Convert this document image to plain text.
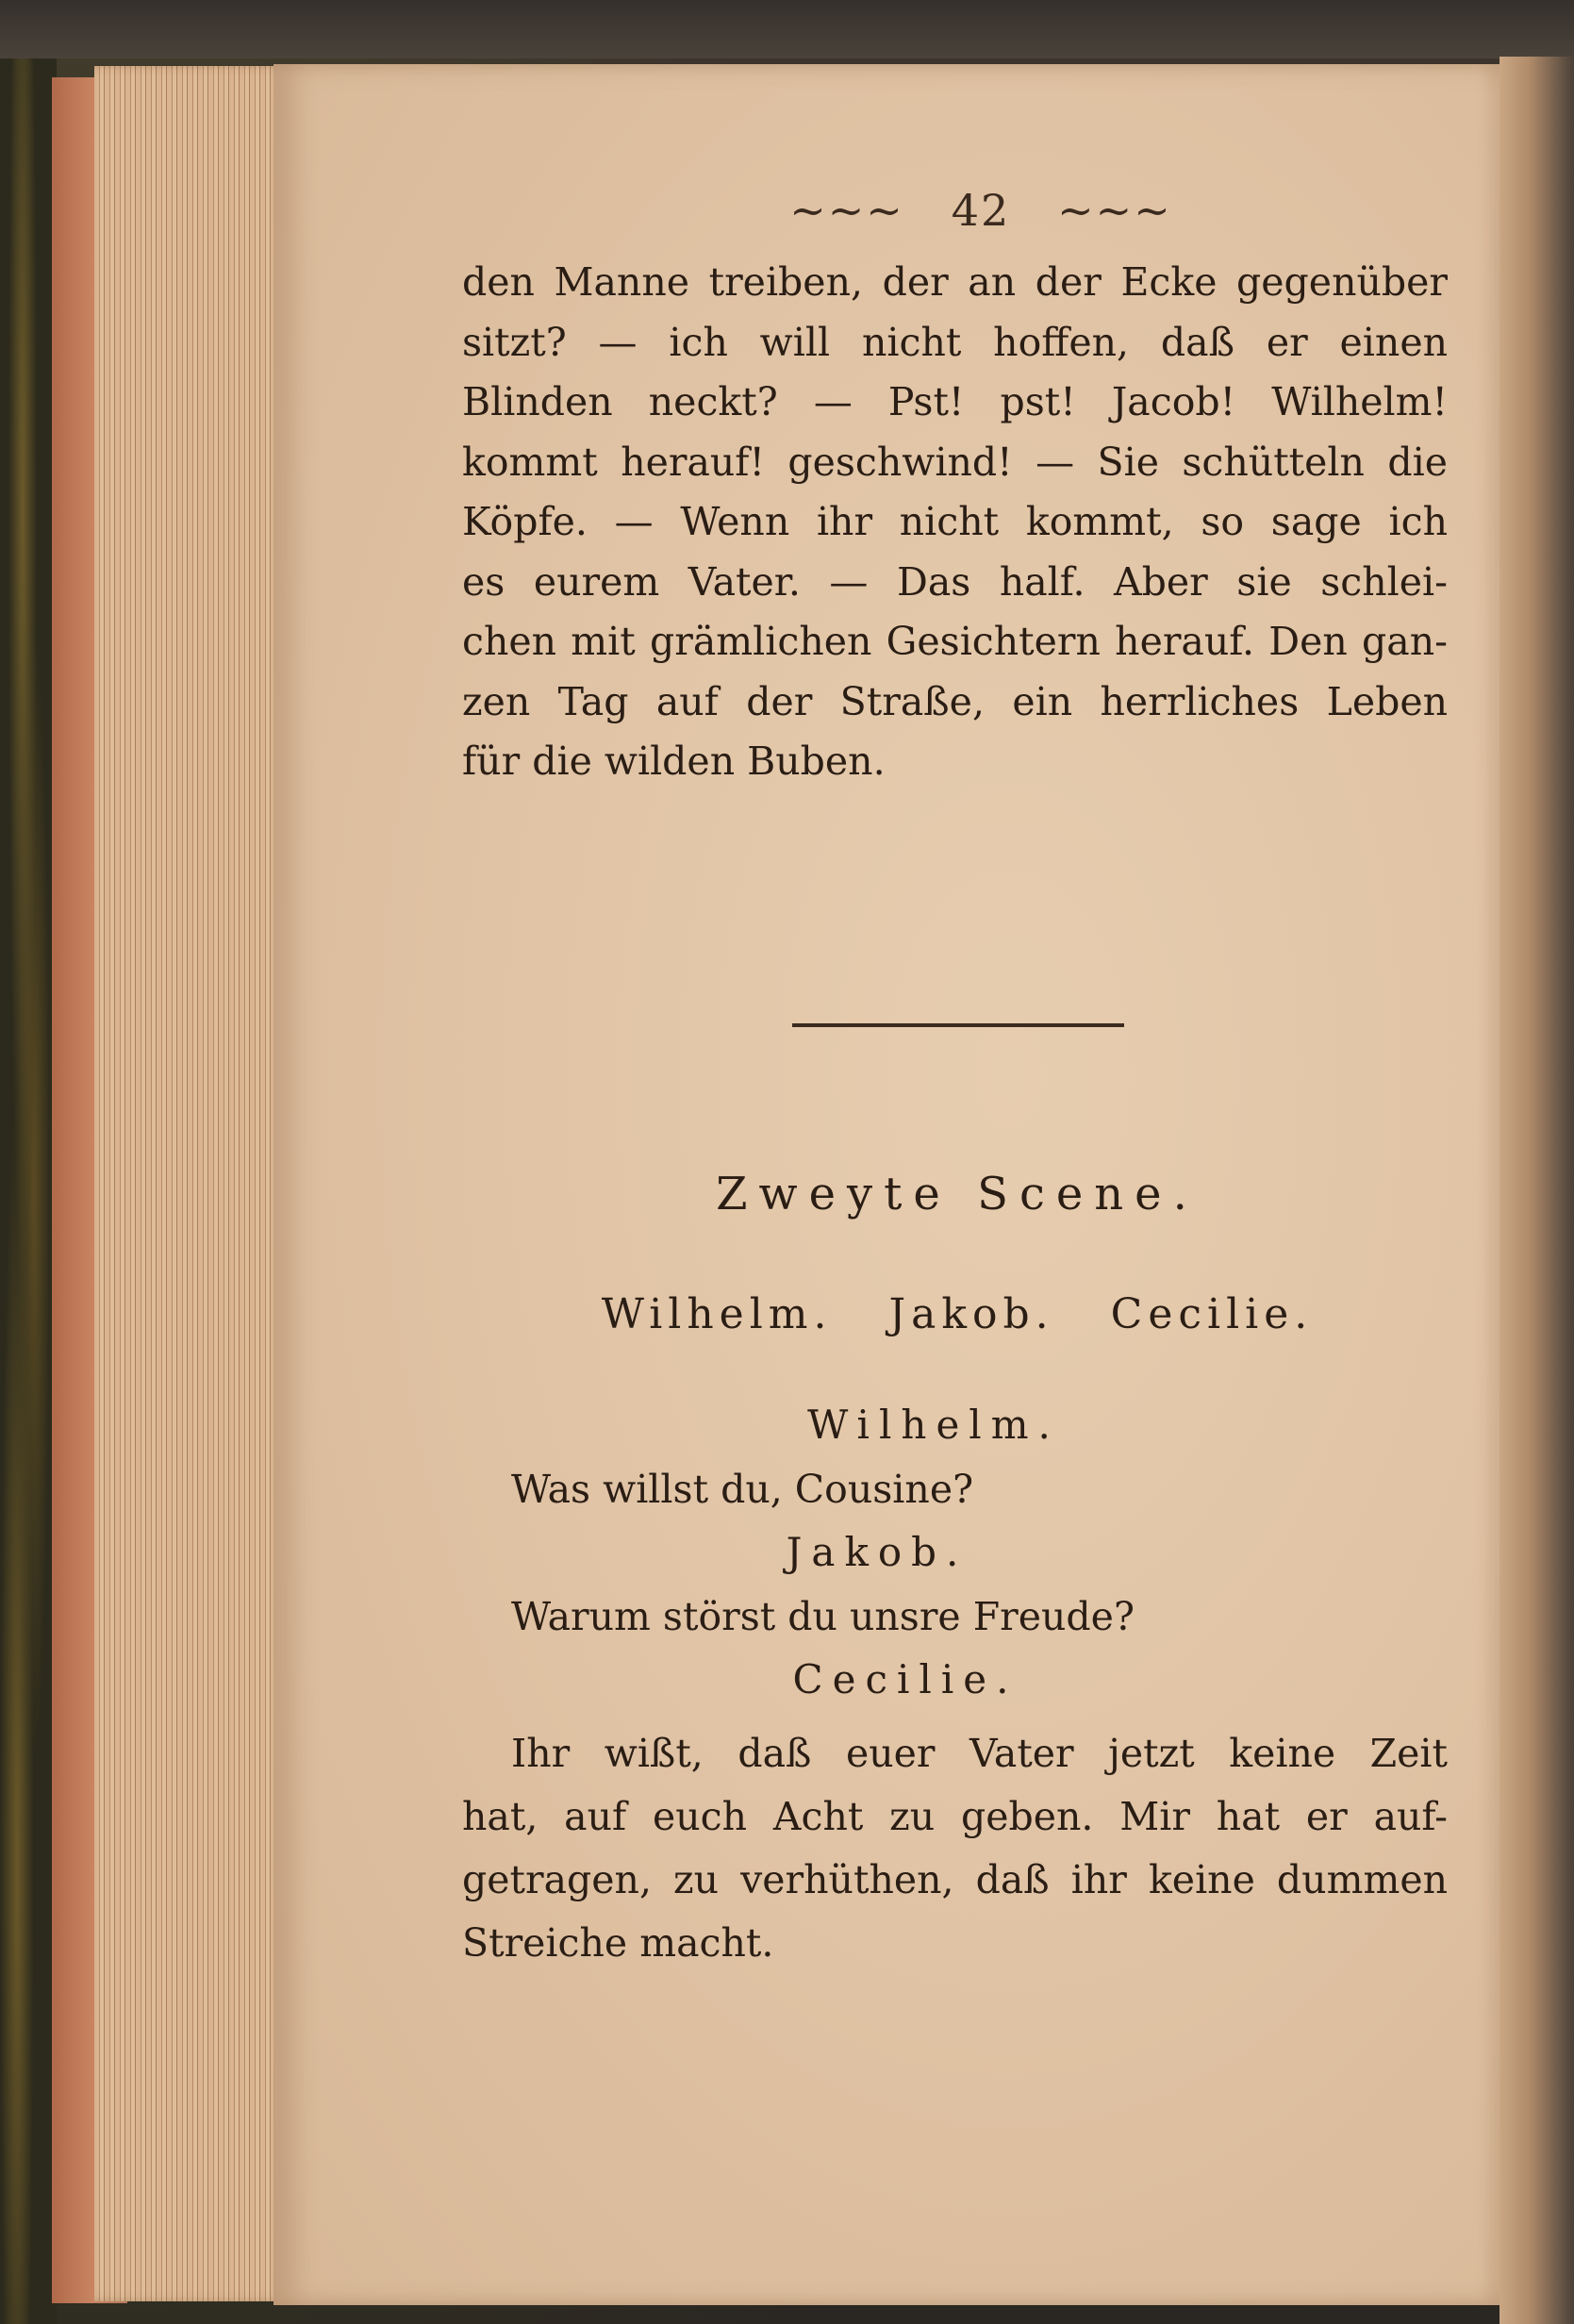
~~~ 42 ~~~
den Manne treiben, der an der Ecke gegenüber
sitzt? — ich will nicht hoffen, daß er einen
Blinden neckt? — Pst! pst! Jacob! Wilhelm!
kommt herauf! geschwind! — Sie schütteln die
Köpfe. — Wenn ihr nicht kommt, so sage ich
es eurem Vater. — Das half. Aber sie schlei-
chen mit grämlichen Gesichtern herauf. Den gan-
zen Tag auf der Straße, ein herrliches Leben
für die wilden Buben.
Zweyte Scene.
Wilhelm. Jakob. Cecilie.
Wilhelm.
Was willst du, Cousine?
Jakob.
Warum störst du unsre Freude?
Cecilie.
Ihr wißt, daß euer Vater jetzt keine Zeit
hat, auf euch Acht zu geben. Mir hat er auf-
getragen, zu verhüthen, daß ihr keine dummen
Streiche macht.
